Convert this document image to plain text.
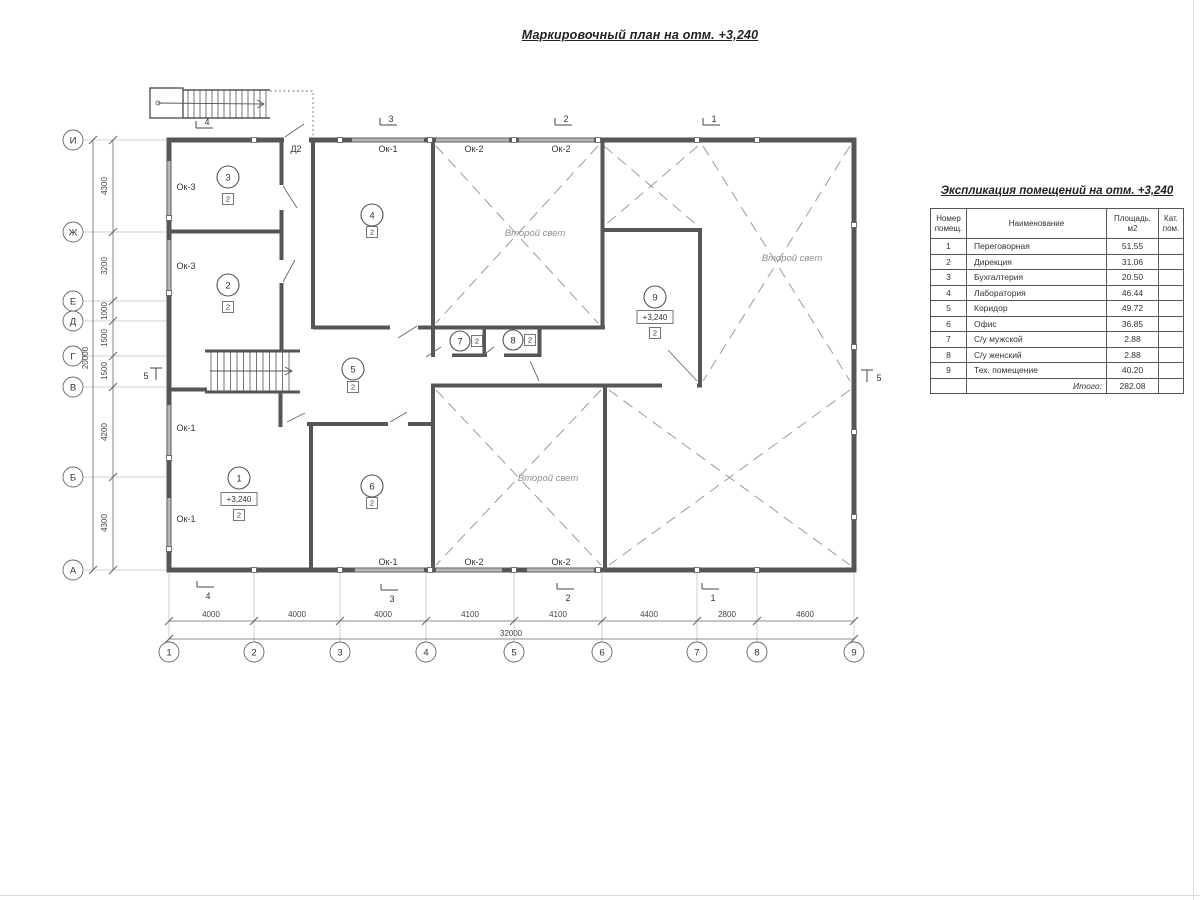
Маркировочный план на отм. +3,240
Ок-3
Ок-3
Ок-1
Ок-1
Д2	Ок-1	Ок-2	Ок-2
Ок-1	Ок-2	Ок-2
Второй свет
Второй свет
Второй свет
1
+3,240
2
2
2
3
2
4
2
5
2
6
2
7 2	8 2
9
+3,240
2
4000	4000	4000	4100	4100	4400	2800	4600
32000
4300
3200
1000
1500
1500
4200
4300
20000
1	2	3	4	5	6	7	8	9
И
Ж
Е
Д
Г
В
Б
А
4	3	2	1
4	3	2	1
5	5
Экспликация помещений на отм. +3,240
Номер помещ.	Наименование	Площадь, м2	Кат. пом.
1	Переговорная	51.55	
2	Дирекция	31.06	
3	Бухгалтерия	20.50	
4	Лаборатория	46.44	
5	Коридор	49.72	
6	Офис	36.85	
7	С/у мужской	2.88	
8	С/у женский	2.88	
9	Тех. помещение	40.20	
	Итого:	282.08	
